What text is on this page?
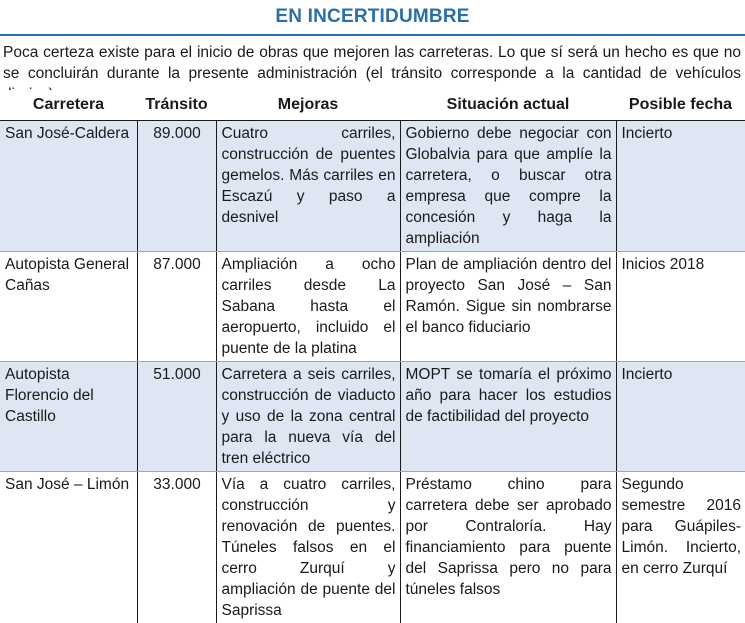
EN INCERTIDUMBRE

Poca certeza existe para el inicio de obras que mejoren las carreteras. Lo que sí será un hecho es que no se concluirán durante la presente administración (el tránsito corresponde a la cantidad de vehículos

Carretera	Tránsito	Mejoras	Situación actual	Posible fecha
San José-Caldera	89.000	Cuatro carriles, construcción de puentes gemelos. Más carriles en Escazú y paso a desnivel	Gobierno debe negociar con Globalvia para que amplíe la carretera, o buscar otra empresa que compre la concesión y haga la ampliación	Incierto
Autopista General Cañas	87.000	Ampliación a ocho carriles desde La Sabana hasta el aeropuerto, incluido el puente de la platina	Plan de ampliación dentro del proyecto San José – San Ramón. Sigue sin nombrarse el banco fiduciario	Inicios 2018
Autopista Florencio del Castillo	51.000	Carretera a seis carriles, construcción de viaducto y uso de la zona central para la nueva vía del tren eléctrico	MOPT se tomaría el próximo año para hacer los estudios de factibilidad del proyecto	Incierto
San José – Limón	33.000	Vía a cuatro carriles, construcción y renovación de puentes. Túneles falsos en el cerro Zurquí y ampliación de puente del Saprissa	Préstamo chino para carretera debe ser aprobado por Contraloría. Hay financiamiento para puente del Saprissa pero no para túneles falsos	Segundo semestre 2016 para Guápiles-Limón. Incierto, en cerro Zurquí
